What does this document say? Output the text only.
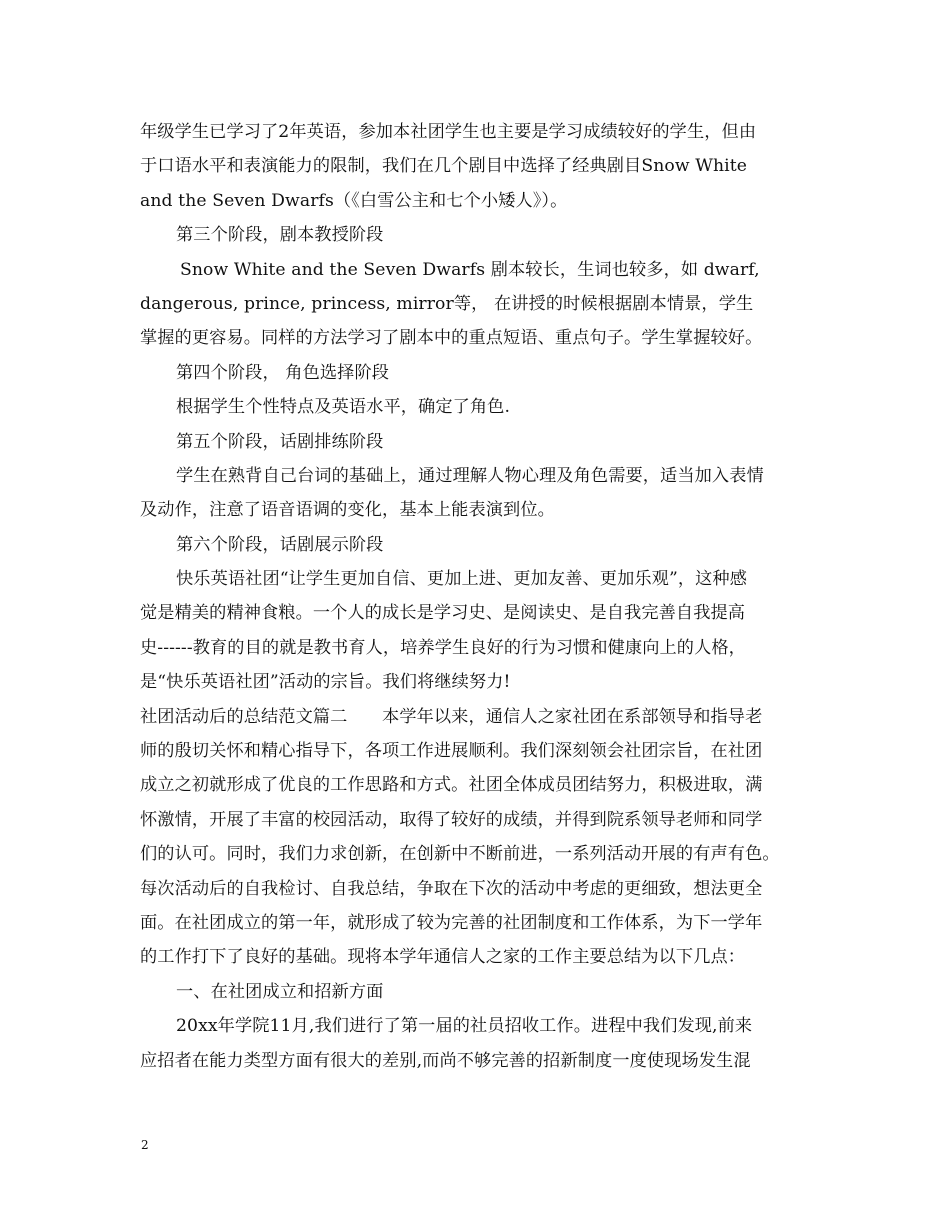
年级学生已学习了2年英语，参加本社团学生也主要是学习成绩较好的学生，但由
于口语水平和表演能力的限制，我们在几个剧目中选择了经典剧目Snow White
and the Seven Dwarfs（《白雪公主和七个小矮人》）。
第三个阶段，剧本教授阶段
Snow White and the Seven Dwarfs 剧本较长，生词也较多，如 dwarf,
dangerous, prince, princess, mirror等， 在讲授的时候根据剧本情景，学生
掌握的更容易。同样的方法学习了剧本中的重点短语、重点句子。学生掌握较好。
第四个阶段， 角色选择阶段
根据学生个性特点及英语水平，确定了角色.
第五个阶段，话剧排练阶段
学生在熟背自己台词的基础上，通过理解人物心理及角色需要，适当加入表情
及动作，注意了语音语调的变化，基本上能表演到位。
第六个阶段，话剧展示阶段
快乐英语社团“让学生更加自信、更加上进、更加友善、更加乐观”，这种感
觉是精美的精神食粮。一个人的成长是学习史、是阅读史、是自我完善自我提高
史------教育的目的就是教书育人，培养学生良好的行为习惯和健康向上的人格，
是“快乐英语社团”活动的宗旨。我们将继续努力!
社团活动后的总结范文篇二　　本学年以来，通信人之家社团在系部领导和指导老
师的殷切关怀和精心指导下，各项工作进展顺利。我们深刻领会社团宗旨，在社团
成立之初就形成了优良的工作思路和方式。社团全体成员团结努力，积极进取，满
怀激情，开展了丰富的校园活动，取得了较好的成绩，并得到院系领导老师和同学
们的认可。同时，我们力求创新，在创新中不断前进，一系列活动开展的有声有色。
每次活动后的自我检讨、自我总结，争取在下次的活动中考虑的更细致，想法更全
面。在社团成立的第一年，就形成了较为完善的社团制度和工作体系，为下一学年
的工作打下了良好的基础。现将本学年通信人之家的工作主要总结为以下几点：
一、在社团成立和招新方面
20xx年学院11月,我们进行了第一届的社员招收工作。进程中我们发现,前来
应招者在能力类型方面有很大的差别,而尚不够完善的招新制度一度使现场发生混
2
